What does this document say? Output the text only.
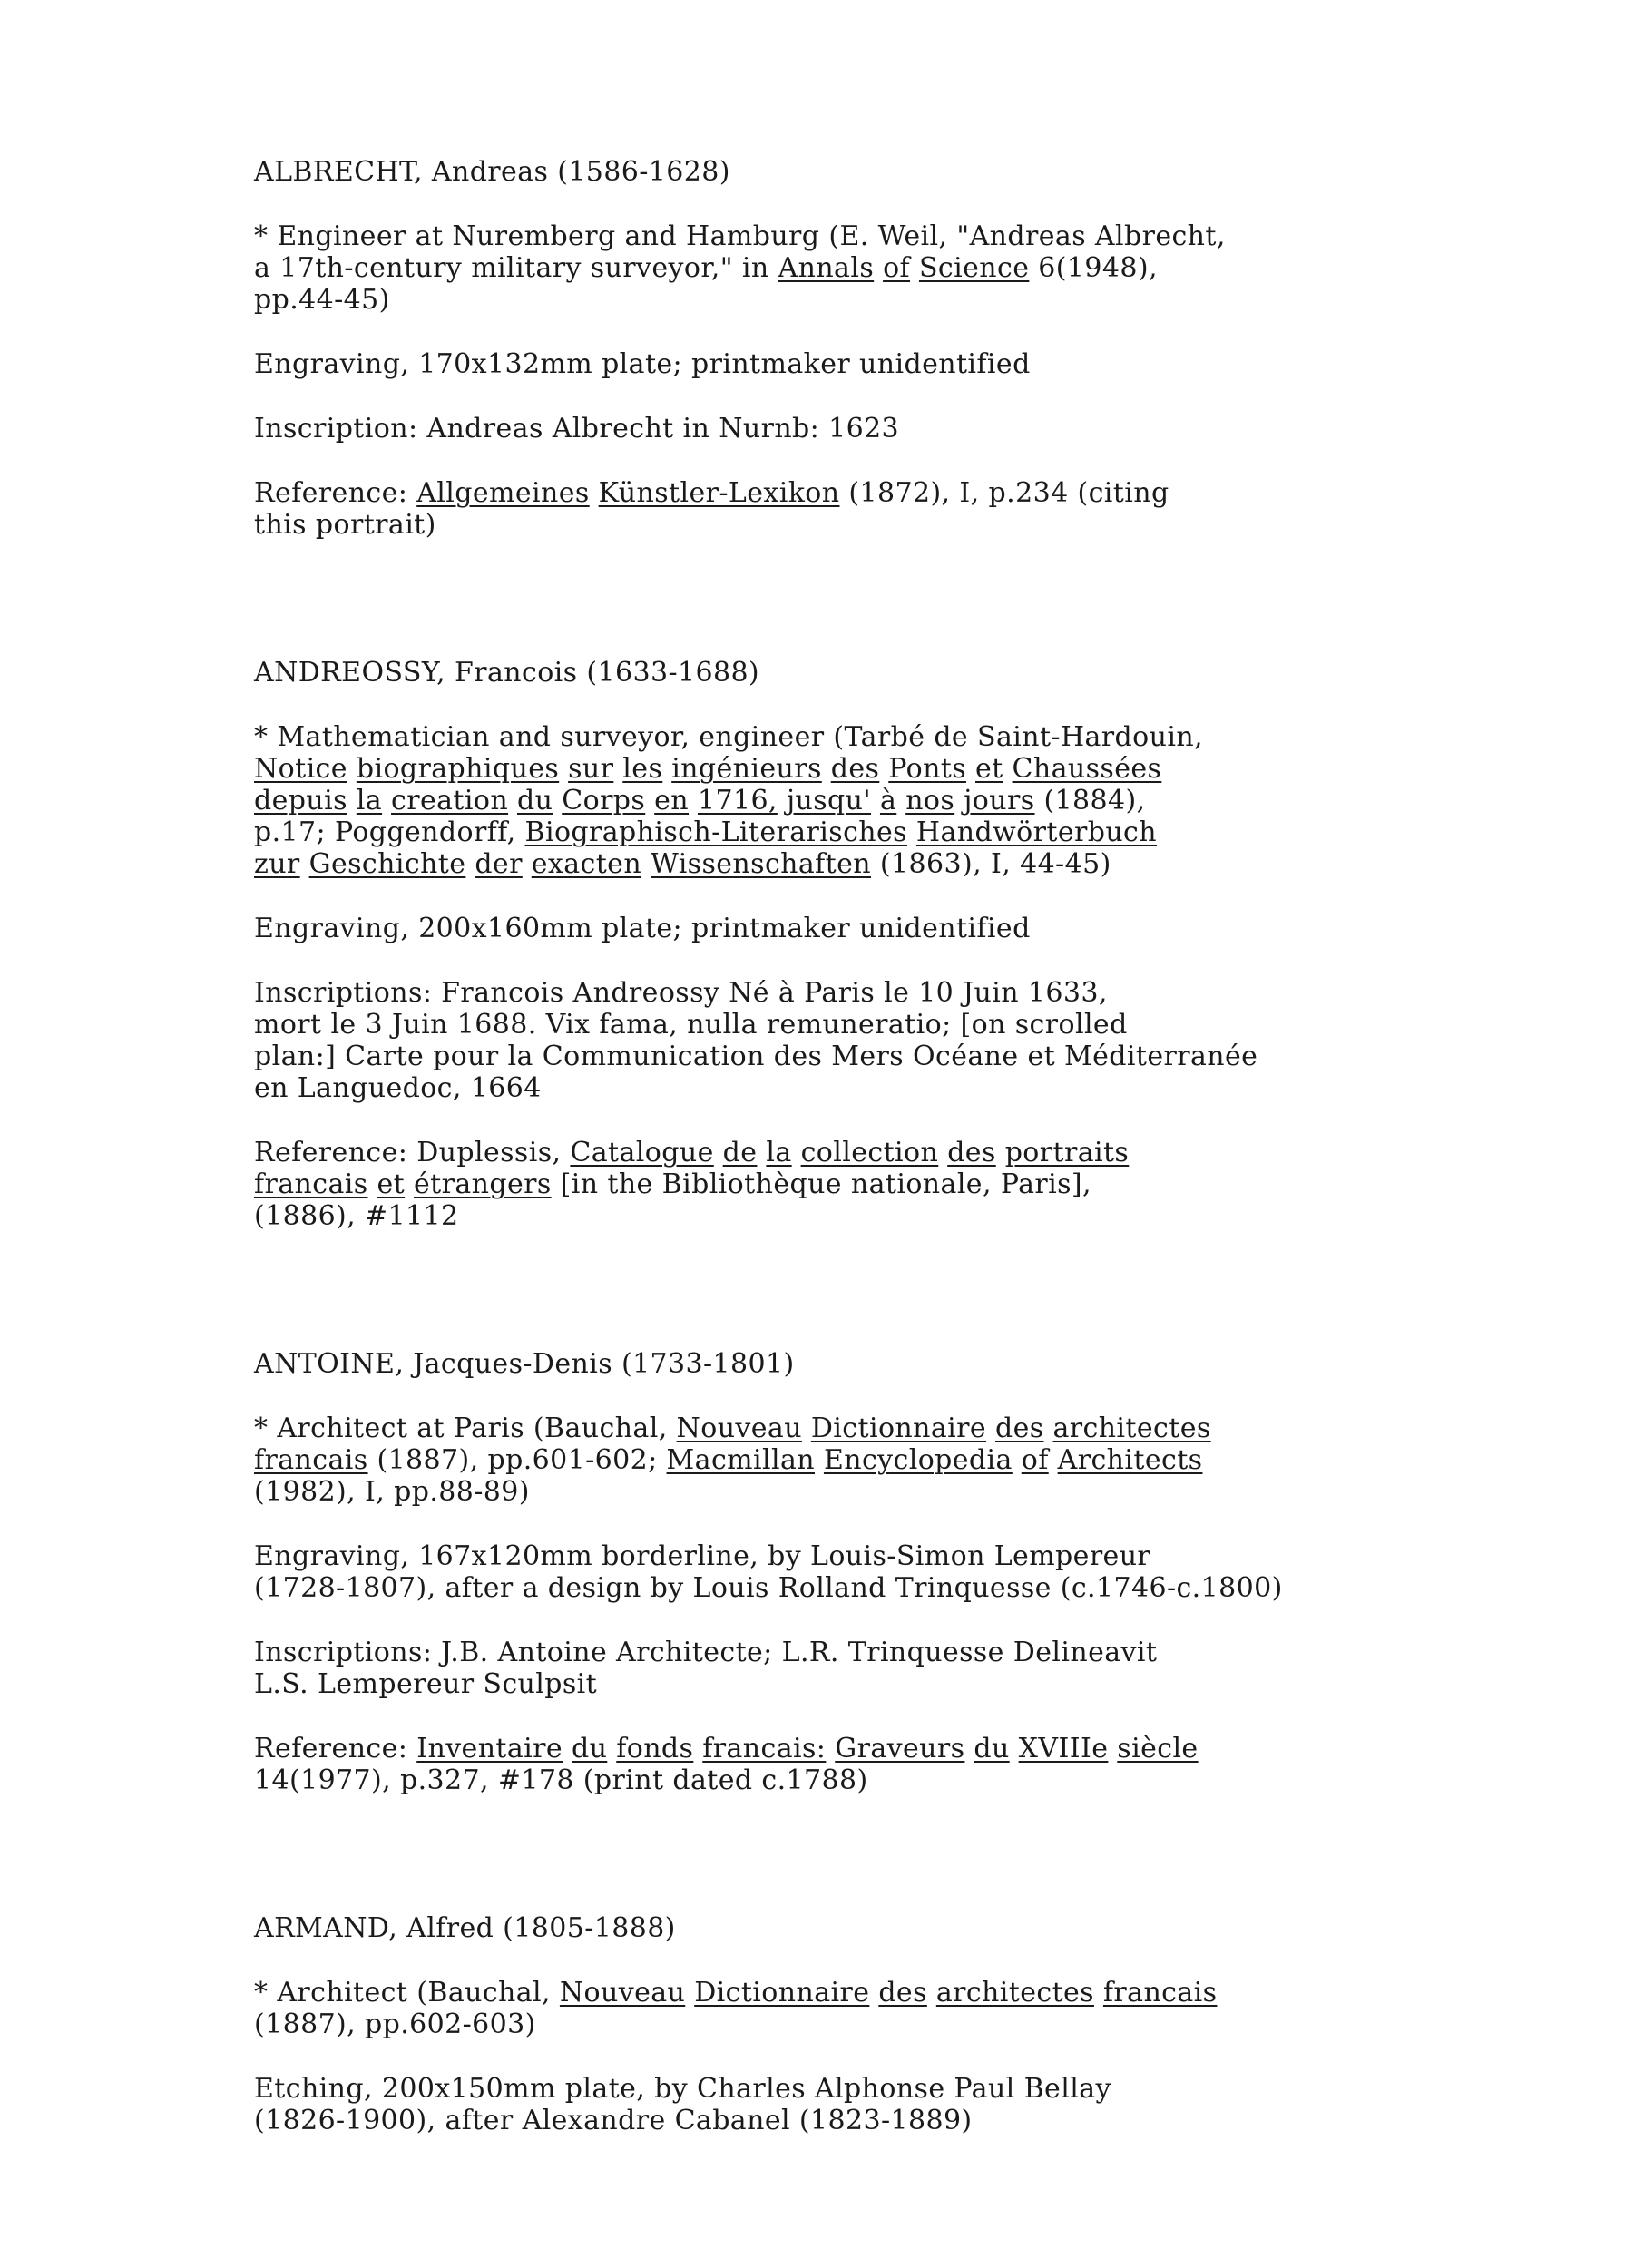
ALBRECHT, Andreas (1586-1628)

* Engineer at Nuremberg and Hamburg (E. Weil, "Andreas Albrecht,
a 17th-century military surveyor," in Annals of Science 6(1948),
pp.44-45)

Engraving, 170x132mm plate; printmaker unidentified

Inscription: Andreas Albrecht in Nurnb: 1623

Reference: Allgemeines Künstler-Lexikon (1872), I, p.234 (citing
this portrait)

ANDREOSSY, Francois (1633-1688)

* Mathematician and surveyor, engineer (Tarbé de Saint-Hardouin,
Notice biographiques sur les ingénieurs des Ponts et Chaussées
depuis la creation du Corps en 1716, jusqu' à nos jours (1884),
p.17; Poggendorff, Biographisch-Literarisches Handwörterbuch
zur Geschichte der exacten Wissenschaften (1863), I, 44-45)

Engraving, 200x160mm plate; printmaker unidentified

Inscriptions: Francois Andreossy Né à Paris le 10 Juin 1633,
mort le 3 Juin 1688. Vix fama, nulla remuneratio; [on scrolled
plan:] Carte pour la Communication des Mers Océane et Méditerranée
en Languedoc, 1664

Reference: Duplessis, Catalogue de la collection des portraits
francais et étrangers [in the Bibliothèque nationale, Paris],
(1886), #1112

ANTOINE, Jacques-Denis (1733-1801)

* Architect at Paris (Bauchal, Nouveau Dictionnaire des architectes
francais (1887), pp.601-602; Macmillan Encyclopedia of Architects
(1982), I, pp.88-89)

Engraving, 167x120mm borderline, by Louis-Simon Lempereur
(1728-1807), after a design by Louis Rolland Trinquesse (c.1746-c.1800)

Inscriptions: J.B. Antoine Architecte; L.R. Trinquesse Delineavit
L.S. Lempereur Sculpsit

Reference: Inventaire du fonds francais: Graveurs du XVIIIe siècle
14(1977), p.327, #178 (print dated c.1788)

ARMAND, Alfred (1805-1888)

* Architect (Bauchal, Nouveau Dictionnaire des architectes francais
(1887), pp.602-603)

Etching, 200x150mm plate, by Charles Alphonse Paul Bellay
(1826-1900), after Alexandre Cabanel (1823-1889)
